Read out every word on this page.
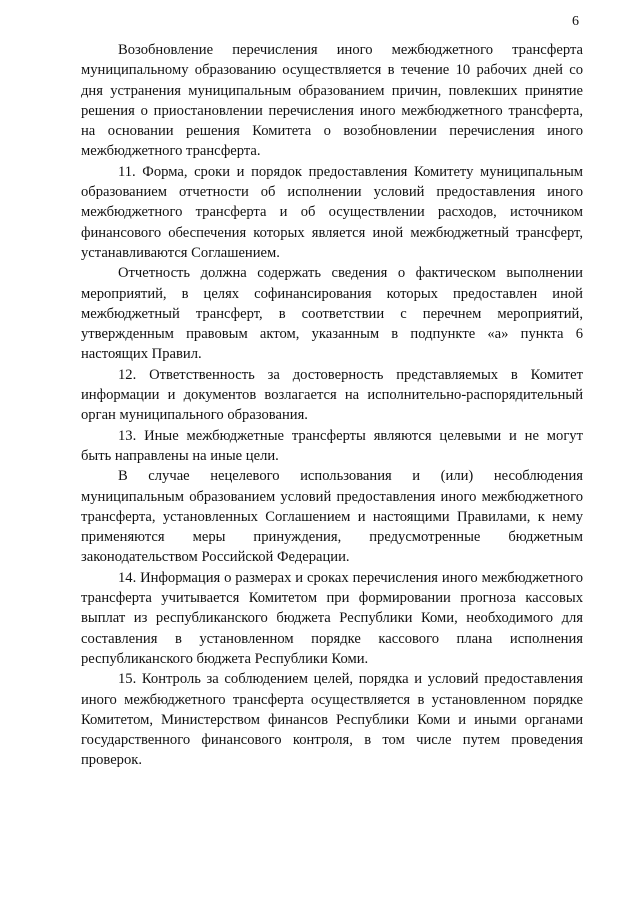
6

Возобновление перечисления иного межбюджетного трансферта муниципальному образованию осуществляется в течение 10 рабочих дней со дня устранения муниципальным образованием причин, повлекших принятие решения о приостановлении перечисления иного межбюджетного трансферта, на основании решения Комитета о возобновлении перечисления иного межбюджетного трансферта.

11. Форма, сроки и порядок предоставления Комитету муниципальным образованием отчетности об исполнении условий предоставления иного межбюджетного трансферта и об осуществлении расходов, источником финансового обеспечения которых является иной межбюджетный трансферт, устанавливаются Соглашением.

Отчетность должна содержать сведения о фактическом выполнении мероприятий, в целях софинансирования которых предоставлен иной межбюджетный трансферт, в соответствии с перечнем мероприятий, утвержденным правовым актом, указанным в подпункте «а» пункта 6 настоящих Правил.

12. Ответственность за достоверность представляемых в Комитет информации и документов возлагается на исполнительно-распорядительный орган муниципального образования.

13. Иные межбюджетные трансферты являются целевыми и не могут быть направлены на иные цели.

В случае нецелевого использования и (или) несоблюдения муниципальным образованием условий предоставления иного межбюджетного трансферта, установленных Соглашением и настоящими Правилами, к нему применяются меры принуждения, предусмотренные бюджетным законодательством Российской Федерации.

14. Информация о размерах и сроках перечисления иного межбюджетного трансферта учитывается Комитетом при формировании прогноза кассовых выплат из республиканского бюджета Республики Коми, необходимого для составления в установленном порядке кассового плана исполнения республиканского бюджета Республики Коми.

15. Контроль за соблюдением целей, порядка и условий предоставления иного межбюджетного трансферта осуществляется в установленном порядке Комитетом, Министерством финансов Республики Коми и иными органами государственного финансового контроля, в том числе путем проведения проверок.
